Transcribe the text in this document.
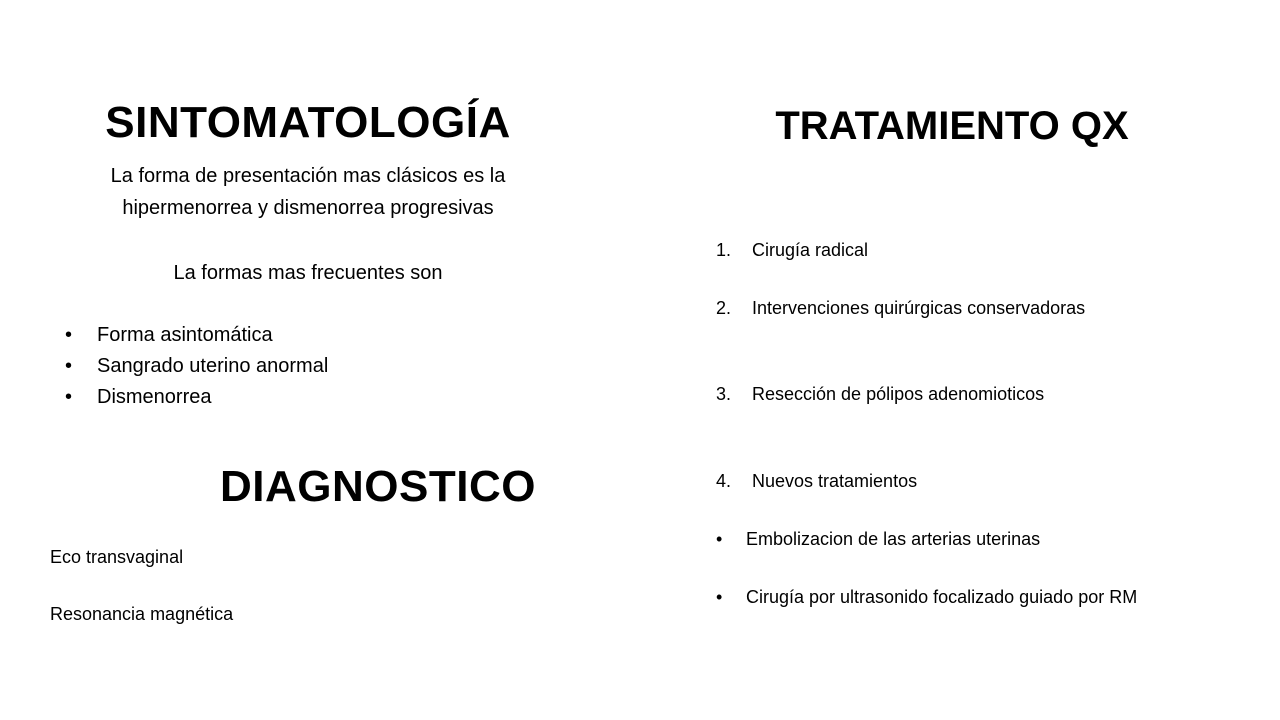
SINTOMATOLOGÍA
La forma de presentación mas clásicos es la
hipermenorrea y dismenorrea progresivas
La formas mas frecuentes son
• Forma asintomática
• Sangrado uterino anormal
• Dismenorrea
DIAGNOSTICO
Eco transvaginal
Resonancia magnética
TRATAMIENTO QX
1. Cirugía radical
2. Intervenciones quirúrgicas conservadoras
3. Resección de pólipos adenomioticos
4. Nuevos tratamientos
• Embolizacion de las arterias uterinas
• Cirugía por ultrasonido focalizado guiado por RM
